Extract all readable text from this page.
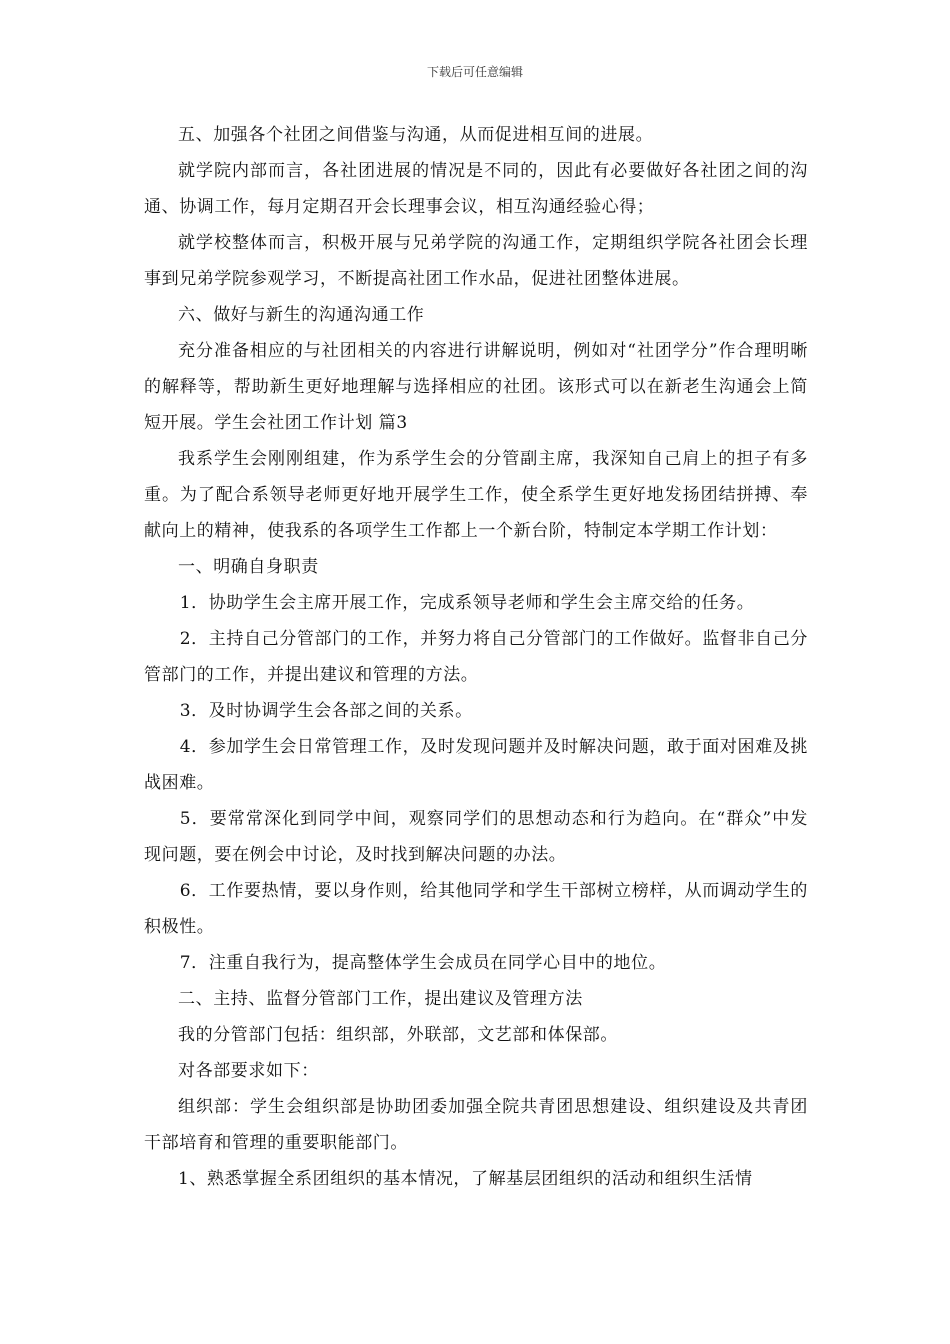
下载后可任意编辑

五、加强各个社团之间借鉴与沟通，从而促进相互间的进展。

就学院内部而言，各社团进展的情况是不同的，因此有必要做好各社团之间的沟通、协调工作，每月定期召开会长理事会议，相互沟通经验心得；

就学校整体而言，积极开展与兄弟学院的沟通工作，定期组织学院各社团会长理事到兄弟学院参观学习，不断提高社团工作水品，促进社团整体进展。

六、做好与新生的沟通沟通工作

充分准备相应的与社团相关的内容进行讲解说明，例如对“社团学分”作合理明晰的解释等，帮助新生更好地理解与选择相应的社团。该形式可以在新老生沟通会上简短开展。学生会社团工作计划 篇3

我系学生会刚刚组建，作为系学生会的分管副主席，我深知自己肩上的担子有多重。为了配合系领导老师更好地开展学生工作，使全系学生更好地发扬团结拼搏、奉献向上的精神，使我系的各项学生工作都上一个新台阶，特制定本学期工作计划：

一、明确自身职责

1．协助学生会主席开展工作，完成系领导老师和学生会主席交给的任务。

2．主持自己分管部门的工作，并努力将自己分管部门的工作做好。监督非自己分管部门的工作，并提出建议和管理的方法。

3．及时协调学生会各部之间的关系。

4．参加学生会日常管理工作，及时发现问题并及时解决问题，敢于面对困难及挑战困难。

5．要常常深化到同学中间，观察同学们的思想动态和行为趋向。在“群众”中发现问题，要在例会中讨论，及时找到解决问题的办法。

6．工作要热情，要以身作则，给其他同学和学生干部树立榜样，从而调动学生的积极性。

7．注重自我行为，提高整体学生会成员在同学心目中的地位。

二、主持、监督分管部门工作，提出建议及管理方法

我的分管部门包括：组织部，外联部，文艺部和体保部。

对各部要求如下：

组织部：学生会组织部是协助团委加强全院共青团思想建设、组织建设及共青团干部培育和管理的重要职能部门。

1、熟悉掌握全系团组织的基本情况，了解基层团组织的活动和组织生活情
